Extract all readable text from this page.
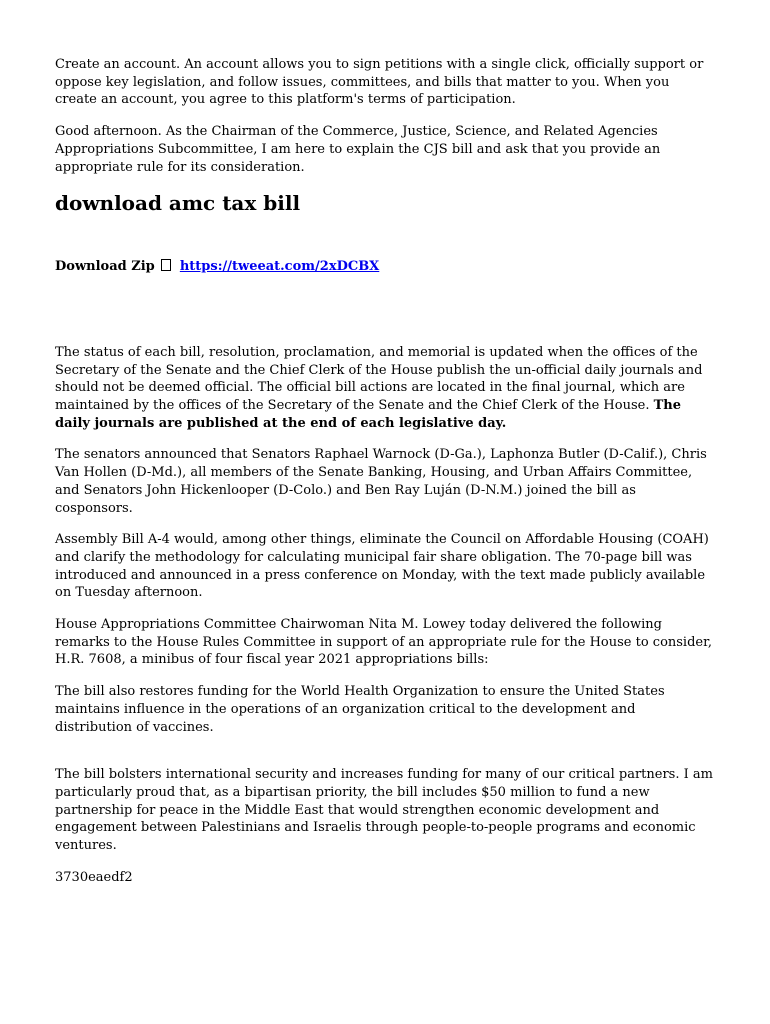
Create an account. An account allows you to sign petitions with a single click, officially support or oppose key legislation, and follow issues, committees, and bills that matter to you. When you create an account, you agree to this platform's terms of participation.

Good afternoon. As the Chairman of the Commerce, Justice, Science, and Related Agencies Appropriations Subcommittee, I am here to explain the CJS bill and ask that you provide an appropriate rule for its consideration.

download amc tax bill

Download Zip https://tweeat.com/2xDCBX

The status of each bill, resolution, proclamation, and memorial is updated when the offices of the Secretary of the Senate and the Chief Clerk of the House publish the un-official daily journals and should not be deemed official. The official bill actions are located in the final journal, which are maintained by the offices of the Secretary of the Senate and the Chief Clerk of the House. The daily journals are published at the end of each legislative day.

The senators announced that Senators Raphael Warnock (D-Ga.), Laphonza Butler (D-Calif.), Chris Van Hollen (D-Md.), all members of the Senate Banking, Housing, and Urban Affairs Committee, and Senators John Hickenlooper (D-Colo.) and Ben Ray Luján (D-N.M.) joined the bill as cosponsors.

Assembly Bill A-4 would, among other things, eliminate the Council on Affordable Housing (COAH) and clarify the methodology for calculating municipal fair share obligation. The 70-page bill was introduced and announced in a press conference on Monday, with the text made publicly available on Tuesday afternoon.

House Appropriations Committee Chairwoman Nita M. Lowey today delivered the following remarks to the House Rules Committee in support of an appropriate rule for the House to consider, H.R. 7608, a minibus of four fiscal year 2021 appropriations bills:

The bill also restores funding for the World Health Organization to ensure the United States maintains influence in the operations of an organization critical to the development and distribution of vaccines.

The bill bolsters international security and increases funding for many of our critical partners. I am particularly proud that, as a bipartisan priority, the bill includes $50 million to fund a new partnership for peace in the Middle East that would strengthen economic development and engagement between Palestinians and Israelis through people-to-people programs and economic ventures.

3730eaedf2
